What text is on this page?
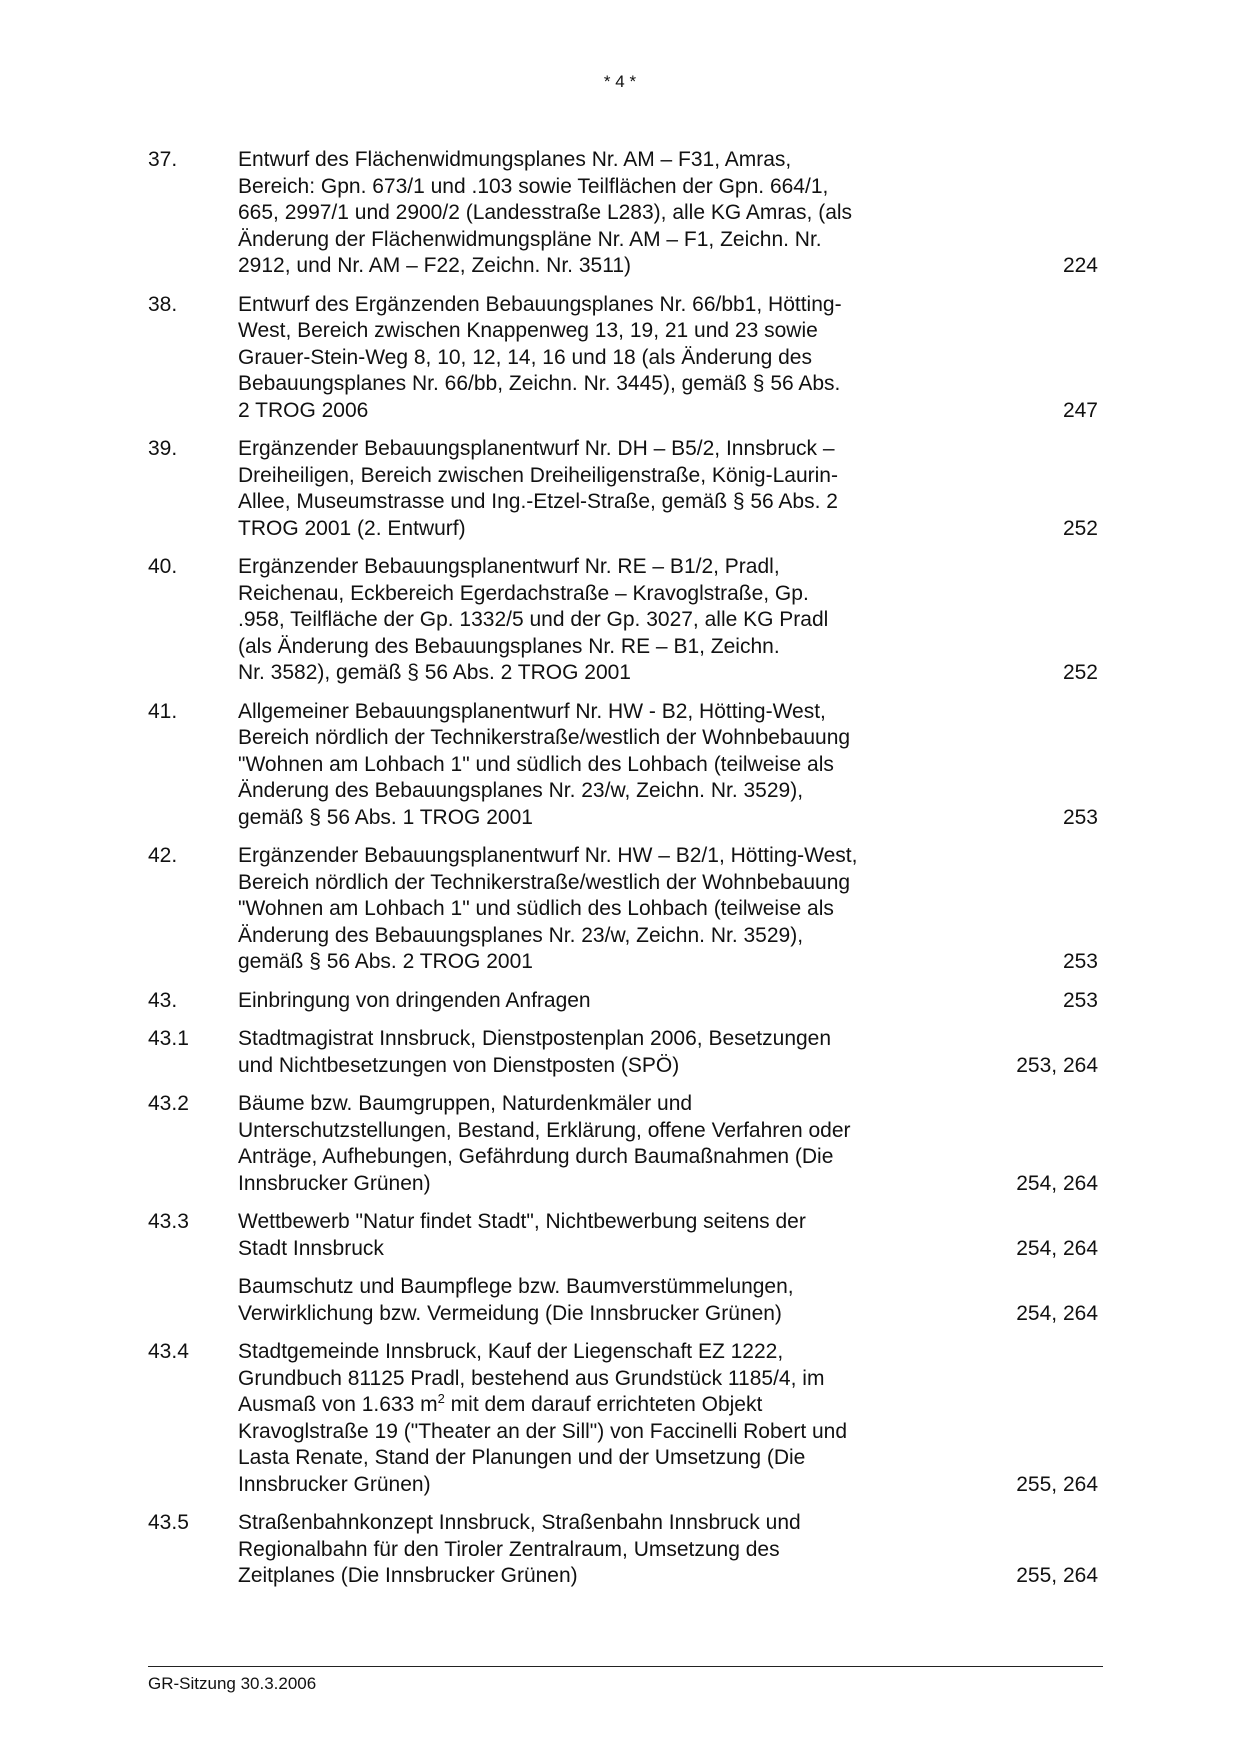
* 4 *
37.	Entwurf des Flächenwidmungsplanes Nr. AM – F31, Amras,
Bereich: Gpn. 673/1 und .103 sowie Teilflächen der Gpn. 664/1,
665, 2997/1 und 2900/2 (Landesstraße L283), alle KG Amras, (als
Änderung der Flächenwidmungspläne Nr. AM – F1, Zeichn. Nr.
2912, und Nr. AM – F22, Zeichn. Nr. 3511)	224
38.	Entwurf des Ergänzenden Bebauungsplanes Nr. 66/bb1, Hötting-
West, Bereich zwischen Knappenweg 13, 19, 21 und 23 sowie
Grauer-Stein-Weg 8, 10, 12, 14, 16 und 18 (als Änderung des
Bebauungsplanes Nr. 66/bb, Zeichn. Nr. 3445), gemäß § 56 Abs.
2 TROG 2006	247
39.	Ergänzender Bebauungsplanentwurf Nr. DH – B5/2, Innsbruck –
Dreiheiligen, Bereich zwischen Dreiheiligenstraße, König-Laurin-
Allee, Museumstrasse und Ing.-Etzel-Straße, gemäß § 56 Abs. 2
TROG 2001 (2. Entwurf)	252
40.	Ergänzender Bebauungsplanentwurf Nr. RE – B1/2, Pradl,
Reichenau, Eckbereich Egerdachstraße – Kravoglstraße, Gp.
.958, Teilfläche der Gp. 1332/5 und der Gp. 3027, alle KG Pradl
(als Änderung des Bebauungsplanes Nr. RE – B1, Zeichn.
Nr. 3582), gemäß § 56 Abs. 2 TROG 2001	252
41.	Allgemeiner Bebauungsplanentwurf Nr. HW - B2, Hötting-West,
Bereich nördlich der Technikerstraße/westlich der Wohnbebauung
"Wohnen am Lohbach 1" und südlich des Lohbach (teilweise als
Änderung des Bebauungsplanes Nr. 23/w, Zeichn. Nr. 3529),
gemäß § 56 Abs. 1 TROG 2001	253
42.	Ergänzender Bebauungsplanentwurf Nr. HW – B2/1, Hötting-West,
Bereich nördlich der Technikerstraße/westlich der Wohnbebauung
"Wohnen am Lohbach 1" und südlich des Lohbach (teilweise als
Änderung des Bebauungsplanes Nr. 23/w, Zeichn. Nr. 3529),
gemäß § 56 Abs. 2 TROG 2001	253
43.	Einbringung von dringenden Anfragen	253
43.1	Stadtmagistrat Innsbruck, Dienstpostenplan 2006, Besetzungen
und Nichtbesetzungen von Dienstposten (SPÖ)	253, 264
43.2	Bäume bzw. Baumgruppen, Naturdenkmäler und
Unterschutzstellungen, Bestand, Erklärung, offene Verfahren oder
Anträge, Aufhebungen, Gefährdung durch Baumaßnahmen (Die
Innsbrucker Grünen)	254, 264
43.3	Wettbewerb "Natur findet Stadt", Nichtbewerbung seitens der
Stadt Innsbruck	254, 264
Baumschutz und Baumpflege bzw. Baumverstümmelungen,
Verwirklichung bzw. Vermeidung (Die Innsbrucker Grünen)	254, 264
43.4	Stadtgemeinde Innsbruck, Kauf der Liegenschaft EZ 1222,
Grundbuch 81125 Pradl, bestehend aus Grundstück 1185/4, im
Ausmaß von 1.633 $m^2$ mit dem darauf errichteten Objekt
Kravoglstraße 19 ("Theater an der Sill") von Faccinelli Robert und
Lasta Renate, Stand der Planungen und der Umsetzung (Die
Innsbrucker Grünen)	255, 264
43.5	Straßenbahnkonzept Innsbruck, Straßenbahn Innsbruck und
Regionalbahn für den Tiroler Zentralraum, Umsetzung des
Zeitplanes (Die Innsbrucker Grünen)	255, 264
GR-Sitzung 30.3.2006
